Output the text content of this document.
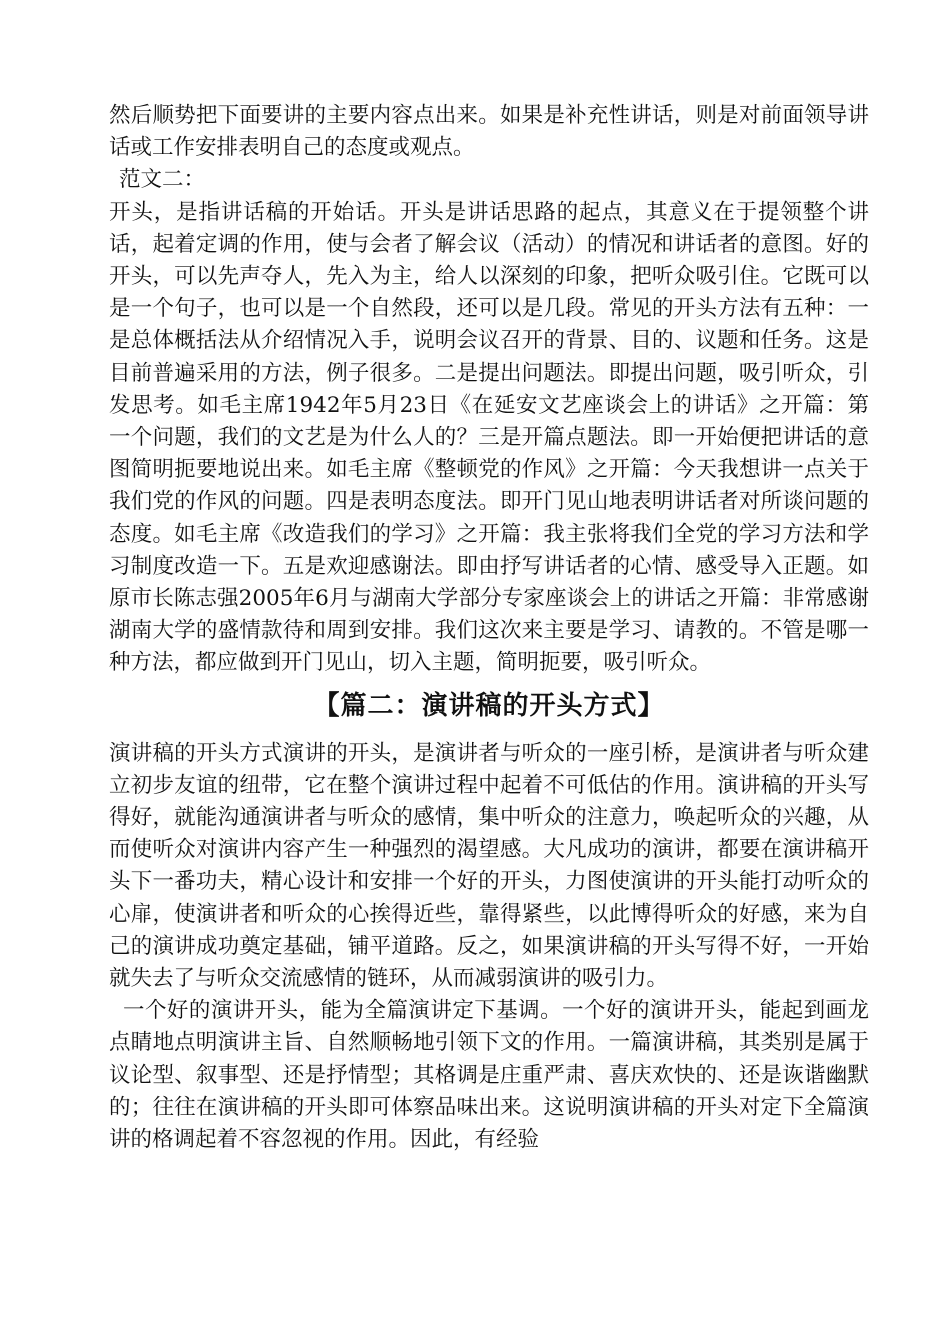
然后顺势把下面要讲的主要内容点出来。如果是补充性讲话，则是对前面领导讲话或工作安排表明自己的态度或观点。

范文二：

开头，是指讲话稿的开始话。开头是讲话思路的起点，其意义在于提领整个讲话，起着定调的作用，使与会者了解会议（活动）的情况和讲话者的意图。好的开头，可以先声夺人，先入为主，给人以深刻的印象，把听众吸引住。它既可以是一个句子，也可以是一个自然段，还可以是几段。常见的开头方法有五种：一是总体概括法从介绍情况入手，说明会议召开的背景、目的、议题和任务。这是目前普遍采用的方法，例子很多。二是提出问题法。即提出问题，吸引听众，引发思考。如毛主席1942年5月23日《在延安文艺座谈会上的讲话》之开篇：第一个问题，我们的文艺是为什么人的？三是开篇点题法。即一开始便把讲话的意图简明扼要地说出来。如毛主席《整顿党的作风》之开篇：今天我想讲一点关于我们党的作风的问题。四是表明态度法。即开门见山地表明讲话者对所谈问题的态度。如毛主席《改造我们的学习》之开篇：我主张将我们全党的学习方法和学习制度改造一下。五是欢迎感谢法。即由抒写讲话者的心情、感受导入正题。如原市长陈志强2005年6月与湖南大学部分专家座谈会上的讲话之开篇：非常感谢湖南大学的盛情款待和周到安排。我们这次来主要是学习、请教的。不管是哪一种方法，都应做到开门见山，切入主题，简明扼要，吸引听众。

【篇二：演讲稿的开头方式】

演讲稿的开头方式演讲的开头，是演讲者与听众的一座引桥，是演讲者与听众建立初步友谊的纽带，它在整个演讲过程中起着不可低估的作用。演讲稿的开头写得好，就能沟通演讲者与听众的感情，集中听众的注意力，唤起听众的兴趣，从而使听众对演讲内容产生一种强烈的渴望感。大凡成功的演讲，都要在演讲稿开头下一番功夫，精心设计和安排一个好的开头，力图使演讲的开头能打动听众的心扉，使演讲者和听众的心挨得近些，靠得紧些，以此博得听众的好感，来为自己的演讲成功奠定基础，铺平道路。反之，如果演讲稿的开头写得不好，一开始就失去了与听众交流感情的链环，从而减弱演讲的吸引力。

一个好的演讲开头，能为全篇演讲定下基调。一个好的演讲开头，能起到画龙点睛地点明演讲主旨、自然顺畅地引领下文的作用。一篇演讲稿，其类别是属于议论型、叙事型、还是抒情型；其格调是庄重严肃、喜庆欢快的、还是诙谐幽默的；往往在演讲稿的开头即可体察品味出来。这说明演讲稿的开头对定下全篇演讲的格调起着不容忽视的作用。因此，有经验
